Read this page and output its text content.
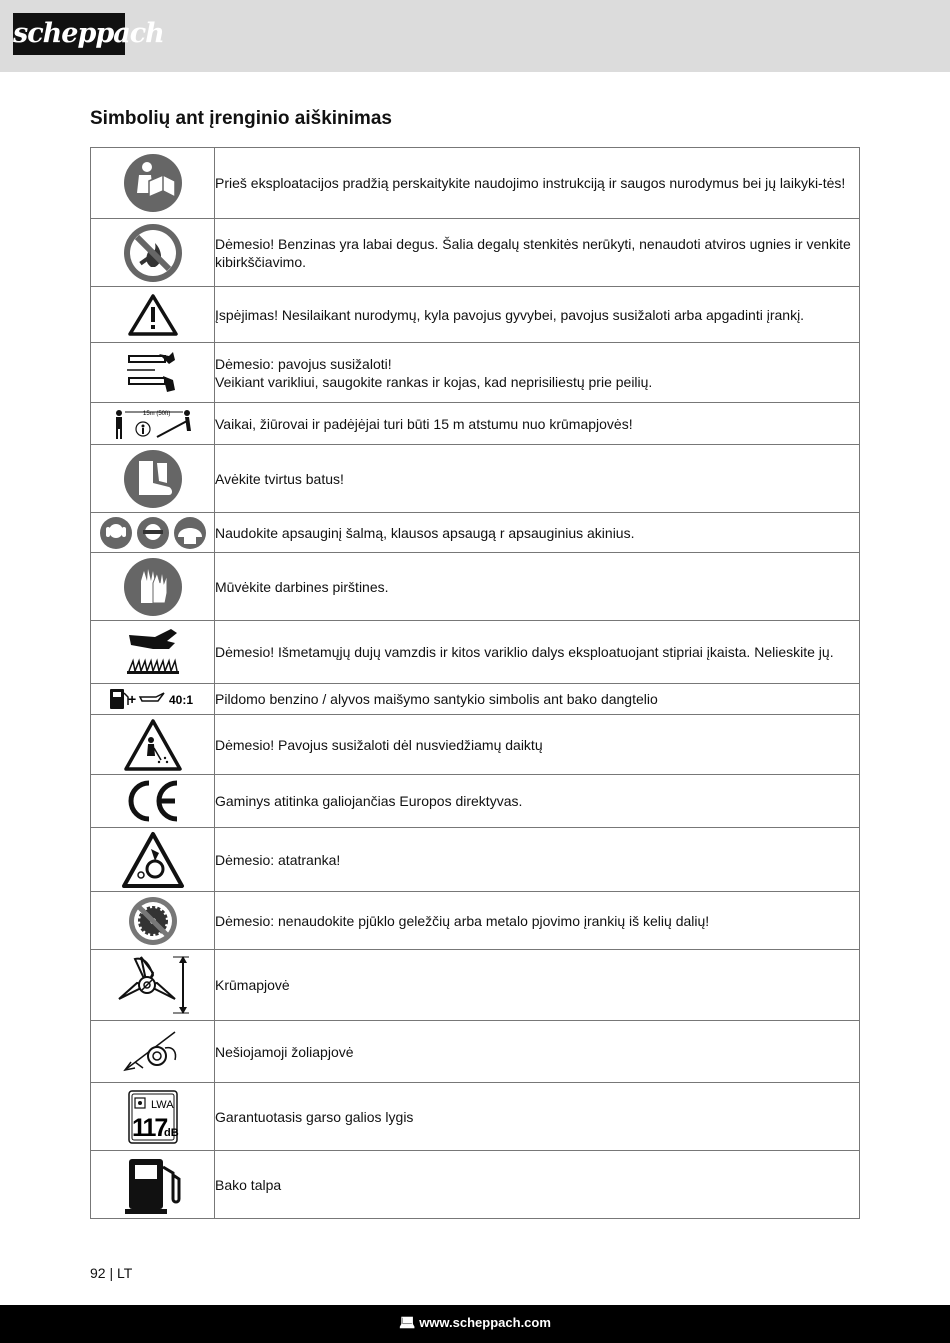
scheppach
Simbolių ant įrenginio aiškinimas
	Prieš eksploatacijos pradžią perskaitykite naudojimo instrukciją ir saugos nurodymus bei jų laikyki-tės!

	Dėmesio! Benzinas yra labai degus. Šalia degalų stenkitės nerūkyti, nenaudoti atviros ugnies ir venkite kibirkščiavimo.

	Įspėjimas! Nesilaikant nurodymų, kyla pavojus gyvybei, pavojus susižaloti arba apgadinti įrankį.

	Dėmesio: pavojus susižaloti!
Veikiant varikliui, saugokite rankas ir kojas, kad neprisiliestų prie peilių.

15m (50ft)	Vaikai, žiūrovai ir padėjėjai turi būti 15 m atstumu nuo krūmapjovės!

	Avėkite tvirtus batus!

	Naudokite apsauginį šalmą, klausos apsaugą r apsauginius akinius.

	Mūvėkite darbines pirštines.

	Dėmesio! Išmetamųjų dujų vamzdis ir kitos variklio dalys eksploatuojant stipriai įkaista. Nelieskite jų.

+ 40:1	Pildomo benzino / alyvos maišymo santykio simbolis ant bako dangtelio

	Dėmesio! Pavojus susižaloti dėl nusviedžiamų daiktų

	Gaminys atitinka galiojančias Europos direktyvas.

	Dėmesio: atatranka!

	Dėmesio: nenaudokite pjūklo geležčių arba metalo pjovimo įrankių iš kelių dalių!

	Krūmapjovė

	Nešiojamoji žoliapjovė

LWA
117
dB	Garantuotasis garso galios lygis

	Bako talpa
92 | LT
💻︎ www.scheppach.com
